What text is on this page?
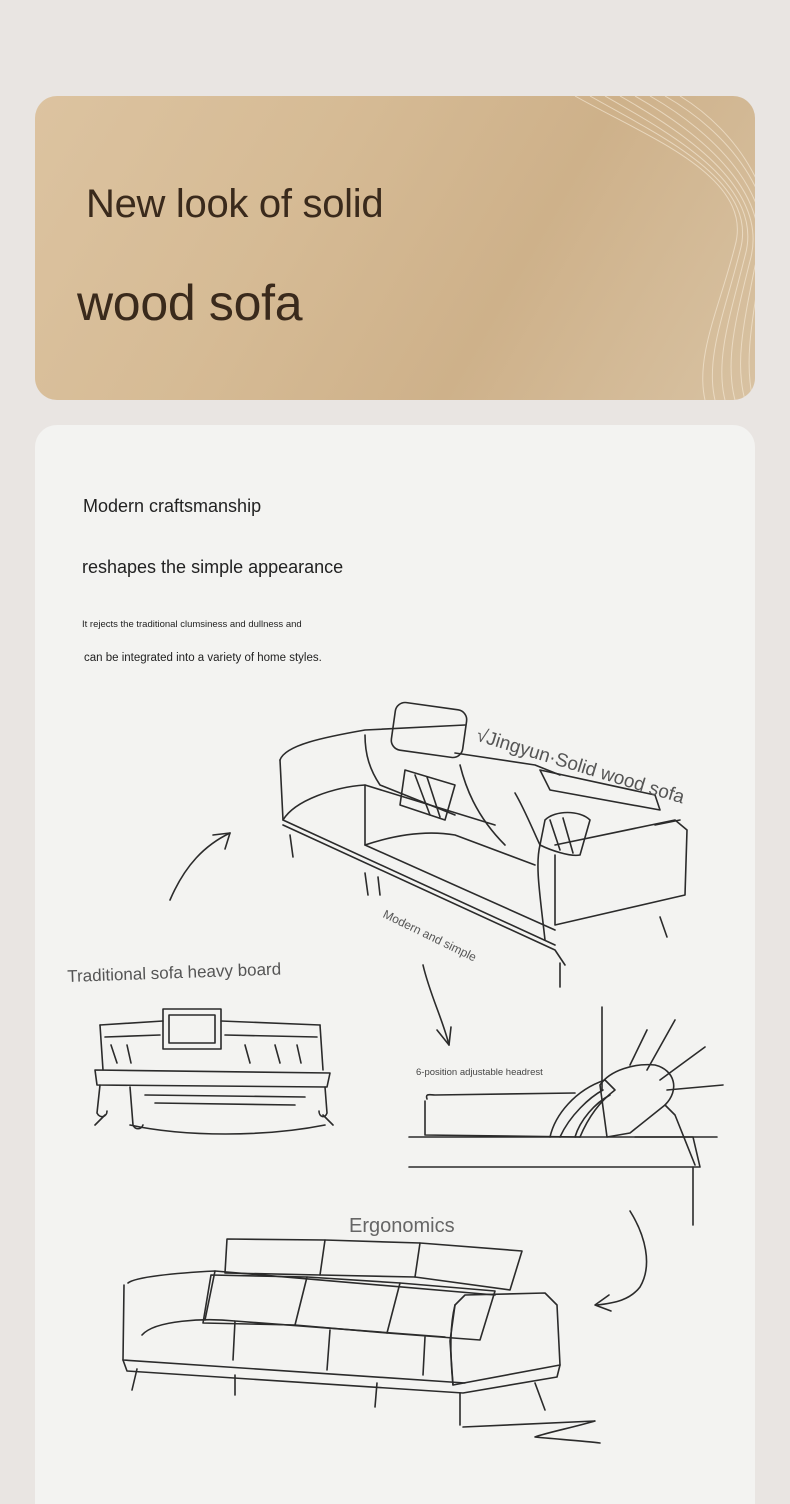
New look of solid
wood sofa
Modern craftsmanship
reshapes the simple appearance
It rejects the traditional clumsiness and dullness and
can be integrated into a variety of home styles.
√Jingyun·Solid wood sofa
Modern and simple
Traditional sofa heavy board
6-position adjustable headrest
Ergonomics
